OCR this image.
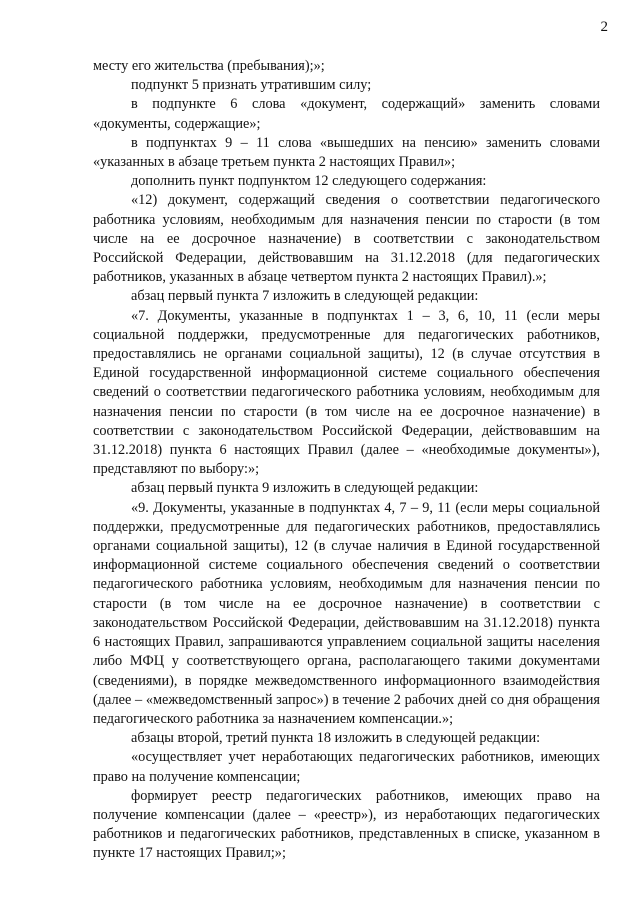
2

месту его жительства (пребывания);»;

подпункт 5 признать утратившим силу;

в подпункте 6 слова «документ, содержащий» заменить словами «документы, содержащие»;

в подпунктах 9 – 11 слова «вышедших на пенсию» заменить словами «указанных в абзаце третьем пункта 2 настоящих Правил»;

дополнить пункт подпунктом 12 следующего содержания:

«12) документ, содержащий сведения о соответствии педагогического работника условиям, необходимым для назначения пенсии по старости (в том числе на ее досрочное назначение) в соответствии с законодательством Российской Федерации, действовавшим на 31.12.2018 (для педагогических работников, указанных в абзаце четвертом пункта 2 настоящих Правил).»;

абзац первый пункта 7 изложить в следующей редакции:

«7. Документы, указанные в подпунктах 1 – 3, 6, 10, 11 (если меры социальной поддержки, предусмотренные для педагогических работников, предоставлялись не органами социальной защиты), 12 (в случае отсутствия в Единой государственной информационной системе социального обеспечения сведений о соответствии педагогического работника условиям, необходимым для назначения пенсии по старости (в том числе на ее досрочное назначение) в соответствии с законодательством Российской Федерации, действовавшим на 31.12.2018) пункта 6 настоящих Правил (далее – «необходимые документы»), представляют по выбору:»;

абзац первый пункта 9 изложить в следующей редакции:

«9. Документы, указанные в подпунктах 4, 7 – 9, 11 (если меры социальной поддержки, предусмотренные для педагогических работников, предоставлялись органами социальной защиты), 12 (в случае наличия в Единой государственной информационной системе социального обеспечения сведений о соответствии педагогического работника условиям, необходимым для назначения пенсии по старости (в том числе на ее досрочное назначение) в соответствии с законодательством Российской Федерации, действовавшим на 31.12.2018) пункта 6 настоящих Правил, запрашиваются управлением социальной защиты населения либо МФЦ у соответствующего органа, располагающего такими документами (сведениями), в порядке межведомственного информационного взаимодействия (далее – «межведомственный запрос») в течение 2 рабочих дней со дня обращения педагогического работника за назначением компенсации.»;

абзацы второй, третий пункта 18 изложить в следующей редакции:

«осуществляет учет неработающих педагогических работников, имеющих право на получение компенсации;

формирует реестр педагогических работников, имеющих право на получение компенсации (далее – «реестр»), из неработающих педагогических работников и педагогических работников, представленных в списке, указанном в пункте 17 настоящих Правил;»;
